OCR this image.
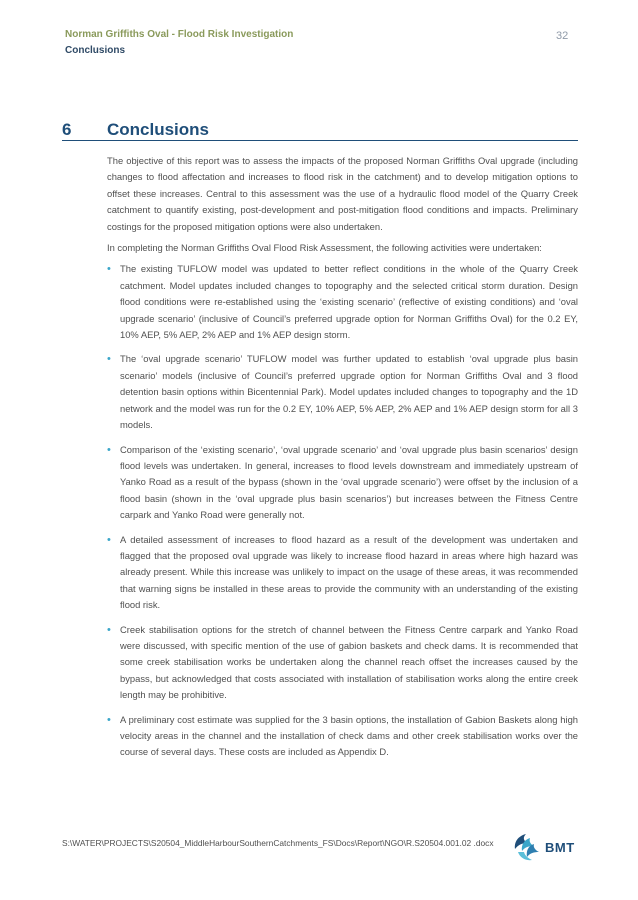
Norman Griffiths Oval - Flood Risk Investigation
Conclusions
32
6 Conclusions

The objective of this report was to assess the impacts of the proposed Norman Griffiths Oval upgrade (including changes to flood affectation and increases to flood risk in the catchment) and to develop mitigation options to offset these increases. Central to this assessment was the use of a hydraulic flood model of the Quarry Creek catchment to quantify existing, post-development and post-mitigation flood conditions and impacts. Preliminary costings for the proposed mitigation options were also undertaken.

In completing the Norman Griffiths Oval Flood Risk Assessment, the following activities were undertaken:

• The existing TUFLOW model was updated to better reflect conditions in the whole of the Quarry Creek catchment. Model updates included changes to topography and the selected critical storm duration. Design flood conditions were re-established using the ‘existing scenario’ (reflective of existing conditions) and ‘oval upgrade scenario’ (inclusive of Council’s preferred upgrade option for Norman Griffiths Oval) for the 0.2 EY, 10% AEP, 5% AEP, 2% AEP and 1% AEP design storm.
• The ‘oval upgrade scenario’ TUFLOW model was further updated to establish ‘oval upgrade plus basin scenario’ models (inclusive of Council’s preferred upgrade option for Norman Griffiths Oval and 3 flood detention basin options within Bicentennial Park). Model updates included changes to topography and the 1D network and the model was run for the 0.2 EY, 10% AEP, 5% AEP, 2% AEP and 1% AEP design storm for all 3 models.
• Comparison of the ‘existing scenario’, ‘oval upgrade scenario’ and ‘oval upgrade plus basin scenarios’ design flood levels was undertaken. In general, increases to flood levels downstream and immediately upstream of Yanko Road as a result of the bypass (shown in the ‘oval upgrade scenario’) were offset by the inclusion of a flood basin (shown in the ‘oval upgrade plus basin scenarios’) but increases between the Fitness Centre carpark and Yanko Road were generally not.
• A detailed assessment of increases to flood hazard as a result of the development was undertaken and flagged that the proposed oval upgrade was likely to increase flood hazard in areas where high hazard was already present. While this increase was unlikely to impact on the usage of these areas, it was recommended that warning signs be installed in these areas to provide the community with an understanding of the existing flood risk.
• Creek stabilisation options for the stretch of channel between the Fitness Centre carpark and Yanko Road were discussed, with specific mention of the use of gabion baskets and check dams. It is recommended that some creek stabilisation works be undertaken along the channel reach offset the increases caused by the bypass, but acknowledged that costs associated with installation of stabilisation works along the entire creek length may be prohibitive.
• A preliminary cost estimate was supplied for the 3 basin options, the installation of Gabion Baskets along high velocity areas in the channel and the installation of check dams and other creek stabilisation works over the course of several days. These costs are included as Appendix D.
S:\WATER\PROJECTS\S20504_MiddleHarbourSouthernCatchments_FS\Docs\Report\NGO\R.S20504.001.02 .docx	BMT
